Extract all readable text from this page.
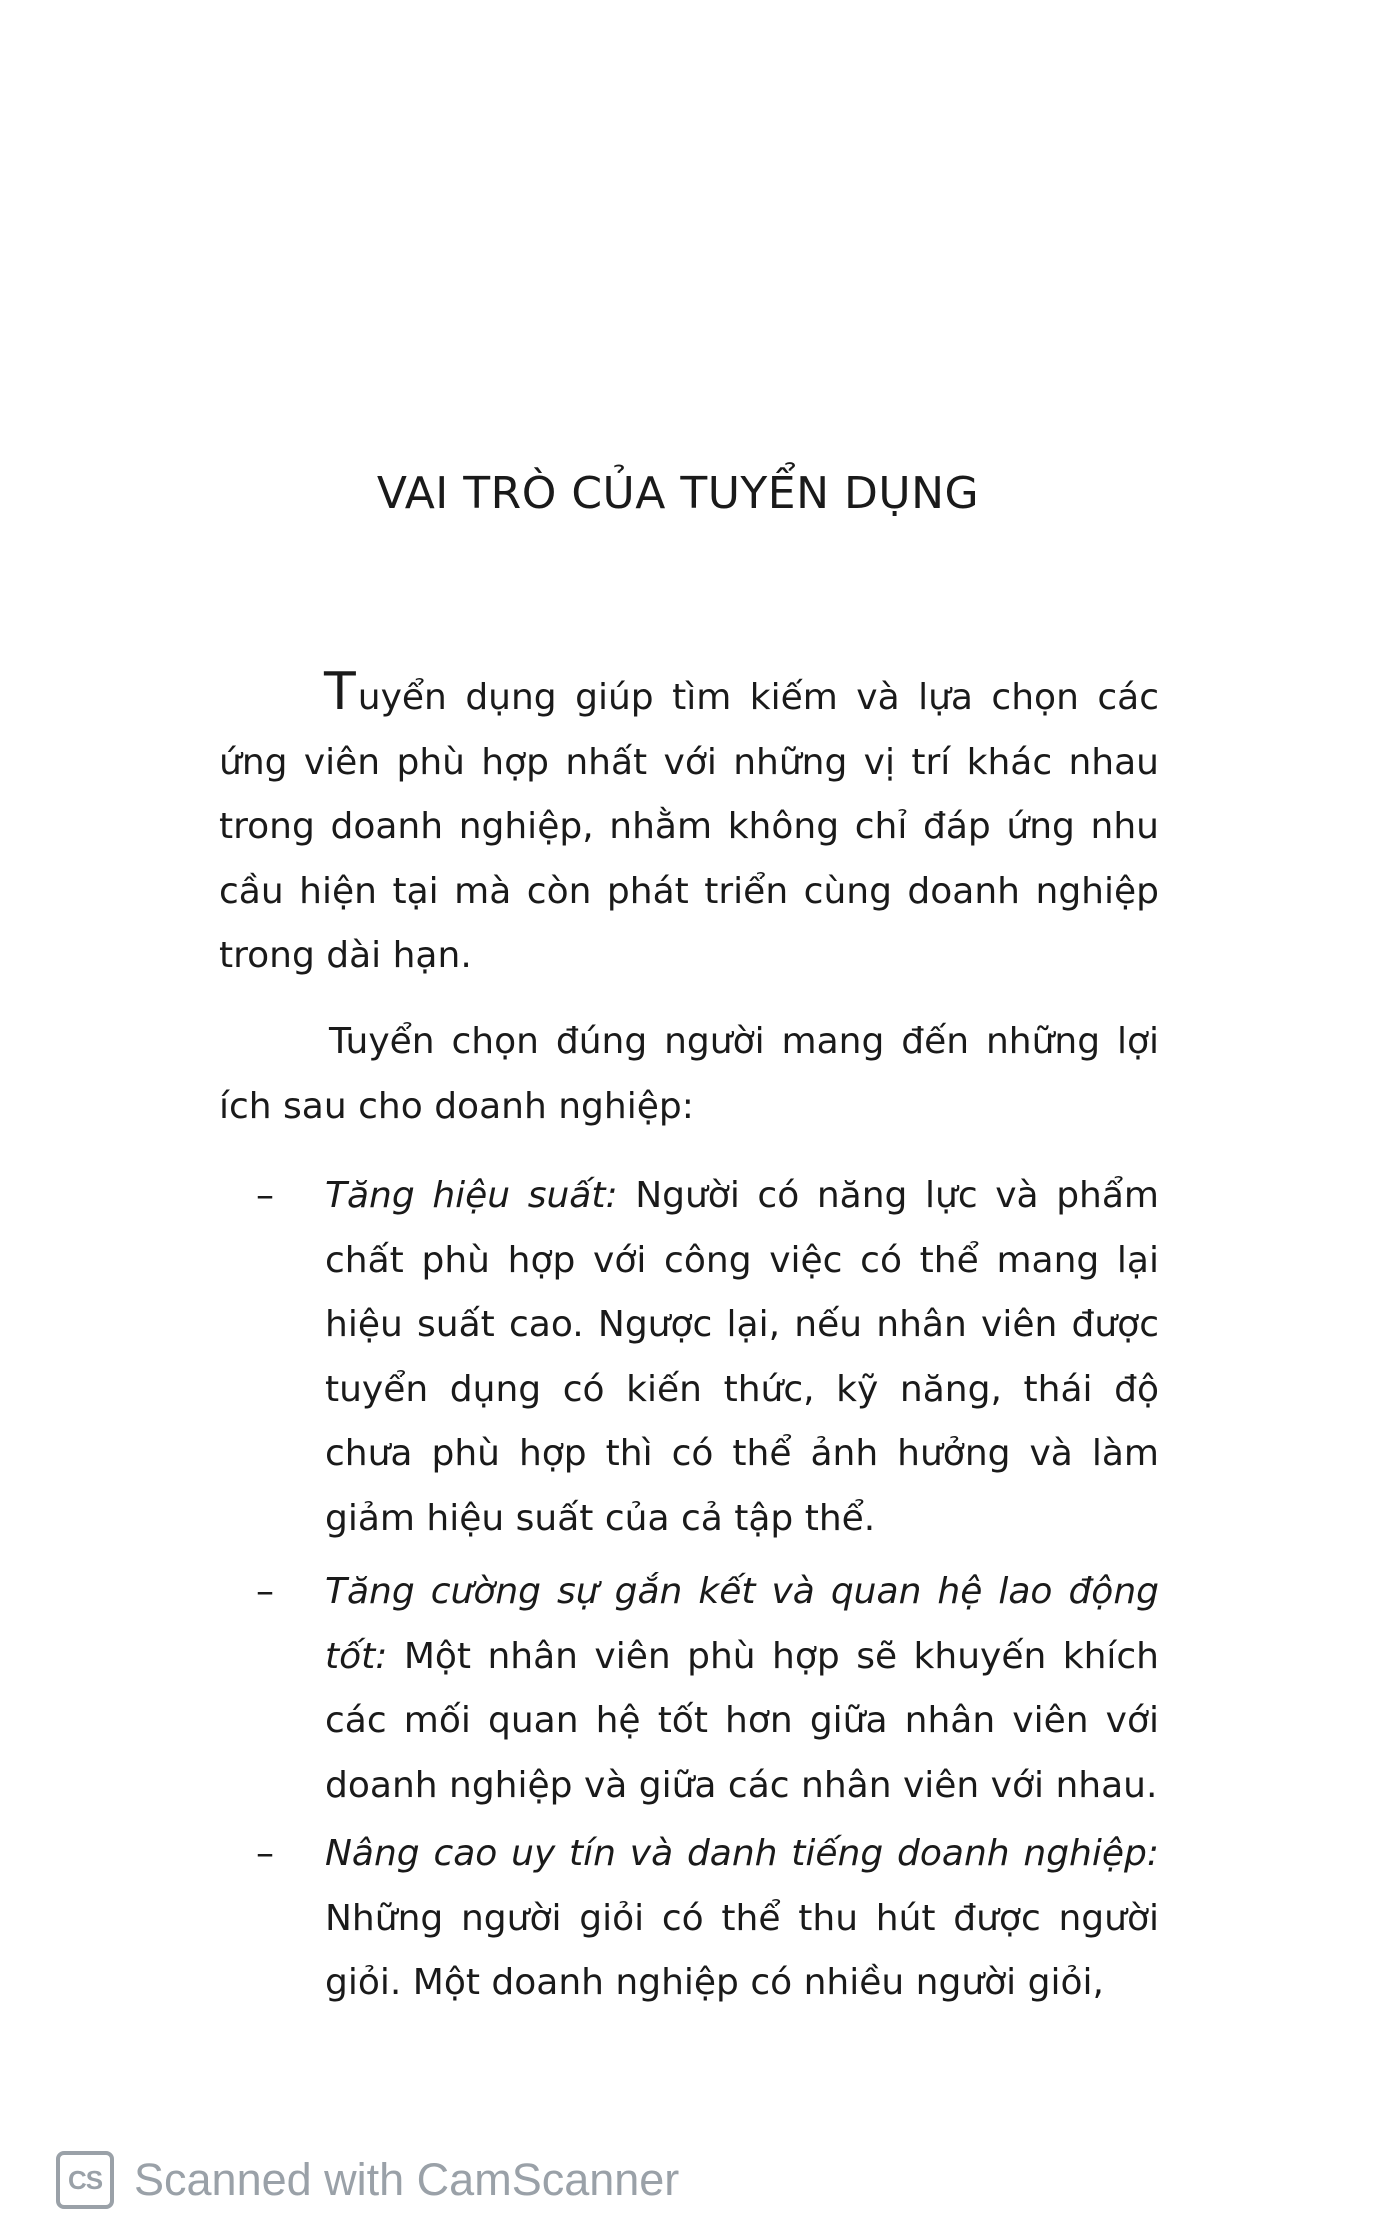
VAI TRÒ CỦA TUYỂN DỤNG
Tuyển dụng giúp tìm kiếm và lựa chọn các ứng viên phù hợp nhất với những vị trí khác nhau trong doanh nghiệp, nhằm không chỉ đáp ứng nhu cầu hiện tại mà còn phát triển cùng doanh nghiệp trong dài hạn.
Tuyển chọn đúng người mang đến những lợi ích sau cho doanh nghiệp:
–	Tăng hiệu suất: Người có năng lực và phẩm chất phù hợp với công việc có thể mang lại hiệu suất cao. Ngược lại, nếu nhân viên được tuyển dụng có kiến thức, kỹ năng, thái độ chưa phù hợp thì có thể ảnh hưởng và làm giảm hiệu suất của cả tập thể.
–	Tăng cường sự gắn kết và quan hệ lao động tốt: Một nhân viên phù hợp sẽ khuyến khích các mối quan hệ tốt hơn giữa nhân viên với doanh nghiệp và giữa các nhân viên với nhau.
–	Nâng cao uy tín và danh tiếng doanh nghiệp: Những người giỏi có thể thu hút được người giỏi. Một doanh nghiệp có nhiều người giỏi,
CS Scanned with CamScanner
